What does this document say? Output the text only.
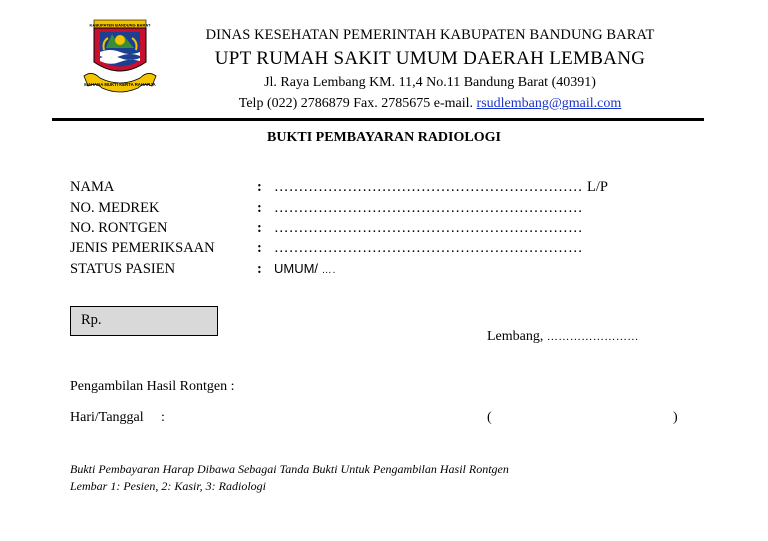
MAHANA MUKTI KERTA RAHARJA
KABUPATEN BANDUNG BARAT
DINAS KESEHATAN PEMERINTAH KABUPATEN BANDUNG BARAT
UPT RUMAH SAKIT UMUM DAERAH LEMBANG
Jl. Raya Lembang KM. 11,4 No.11 Bandung Barat (40391)
Telp (022) 2786879 Fax. 2785675 e-mail. rsudlembang@gmail.com
BUKTI PEMBAYARAN RADIOLOGI
NAMA	: ……………………………………………………… L/P
NO. MEDREK	: ………………………………………………………
NO. RONTGEN	: ………………………………………………………
JENIS PEMERIKSAAN	: ………………………………………………………
STATUS PASIEN	: UMUM/ ….
Rp.
Lembang, ……………………
Pengambilan Hasil Rontgen :
Hari/Tanggal :	(	)
Bukti Pembayaran Harap Dibawa Sebagai Tanda Bukti Untuk Pengambilan Hasil Rontgen
Lembar 1: Pesien, 2: Kasir, 3: Radiologi
